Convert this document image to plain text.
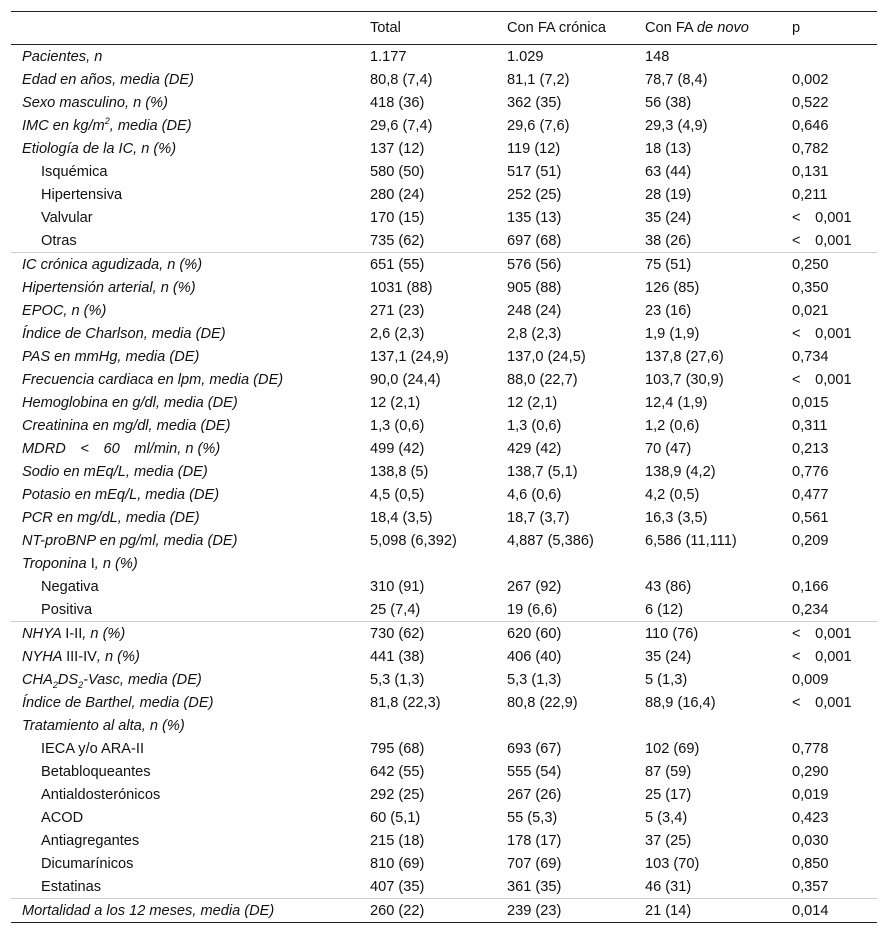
	Total	Con FA crónica	Con FA de novo	p
Pacientes, n	1.177	1.029	148	
Edad en años, media (DE)	80,8 (7,4)	81,1 (7,2)	78,7 (8,4)	0,002
Sexo masculino, n (%)	418 (36)	362 (35)	56 (38)	0,522
IMC en $kg/m^2$, media (DE)	29,6 (7,4)	29,6 (7,6)	29,3 (4,9)	0,646
Etiología de la IC, n (%)	137 (12)	119 (12)	18 (13)	0,782
Isquémica	580 (50)	517 (51)	63 (44)	0,131
Hipertensiva	280 (24)	252 (25)	28 (19)	0,211
Valvular	170 (15)	135 (13)	35 (24)	< 0,001
Otras	735 (62)	697 (68)	38 (26)	< 0,001
IC crónica agudizada, n (%)	651 (55)	576 (56)	75 (51)	0,250
Hipertensión arterial, n (%)	1031 (88)	905 (88)	126 (85)	0,350
EPOC, n (%)	271 (23)	248 (24)	23 (16)	0,021
Índice de Charlson, media (DE)	2,6 (2,3)	2,8 (2,3)	1,9 (1,9)	< 0,001
PAS en mmHg, media (DE)	137,1 (24,9)	137,0 (24,5)	137,8 (27,6)	0,734
Frecuencia cardiaca en lpm, media (DE)	90,0 (24,4)	88,0 (22,7)	103,7 (30,9)	< 0,001
Hemoglobina en g/dl, media (DE)	12 (2,1)	12 (2,1)	12,4 (1,9)	0,015
Creatinina en mg/dl, media (DE)	1,3 (0,6)	1,3 (0,6)	1,2 (0,6)	0,311
MDRD < 60 ml/min, n (%)	499 (42)	429 (42)	70 (47)	0,213
Sodio en mEq/L, media (DE)	138,8 (5)	138,7 (5,1)	138,9 (4,2)	0,776
Potasio en mEq/L, media (DE)	4,5 (0,5)	4,6 (0,6)	4,2 (0,5)	0,477
PCR en mg/dL, media (DE)	18,4 (3,5)	18,7 (3,7)	16,3 (3,5)	0,561
NT-proBNP en pg/ml, media (DE)	5,098 (6,392)	4,887 (5,386)	6,586 (11,111)	0,209
Troponina I, n (%)				
Negativa	310 (91)	267 (92)	43 (86)	0,166
Positiva	25 (7,4)	19 (6,6)	6 (12)	0,234
NHYA I-II, n (%)	730 (62)	620 (60)	110 (76)	< 0,001
NYHA III-IV, n (%)	441 (38)	406 (40)	35 (24)	< 0,001
$CHA_2DS_2$-Vasc, media (DE)	5,3 (1,3)	5,3 (1,3)	5 (1,3)	0,009
Índice de Barthel, media (DE)	81,8 (22,3)	80,8 (22,9)	88,9 (16,4)	< 0,001
Tratamiento al alta, n (%)				
IECA y/o ARA-II	795 (68)	693 (67)	102 (69)	0,778
Betabloqueantes	642 (55)	555 (54)	87 (59)	0,290
Antialdosterónicos	292 (25)	267 (26)	25 (17)	0,019
ACOD	60 (5,1)	55 (5,3)	5 (3,4)	0,423
Antiagregantes	215 (18)	178 (17)	37 (25)	0,030
Dicumarínicos	810 (69)	707 (69)	103 (70)	0,850
Estatinas	407 (35)	361 (35)	46 (31)	0,357
Mortalidad a los 12 meses, media (DE)	260 (22)	239 (23)	21 (14)	0,014
